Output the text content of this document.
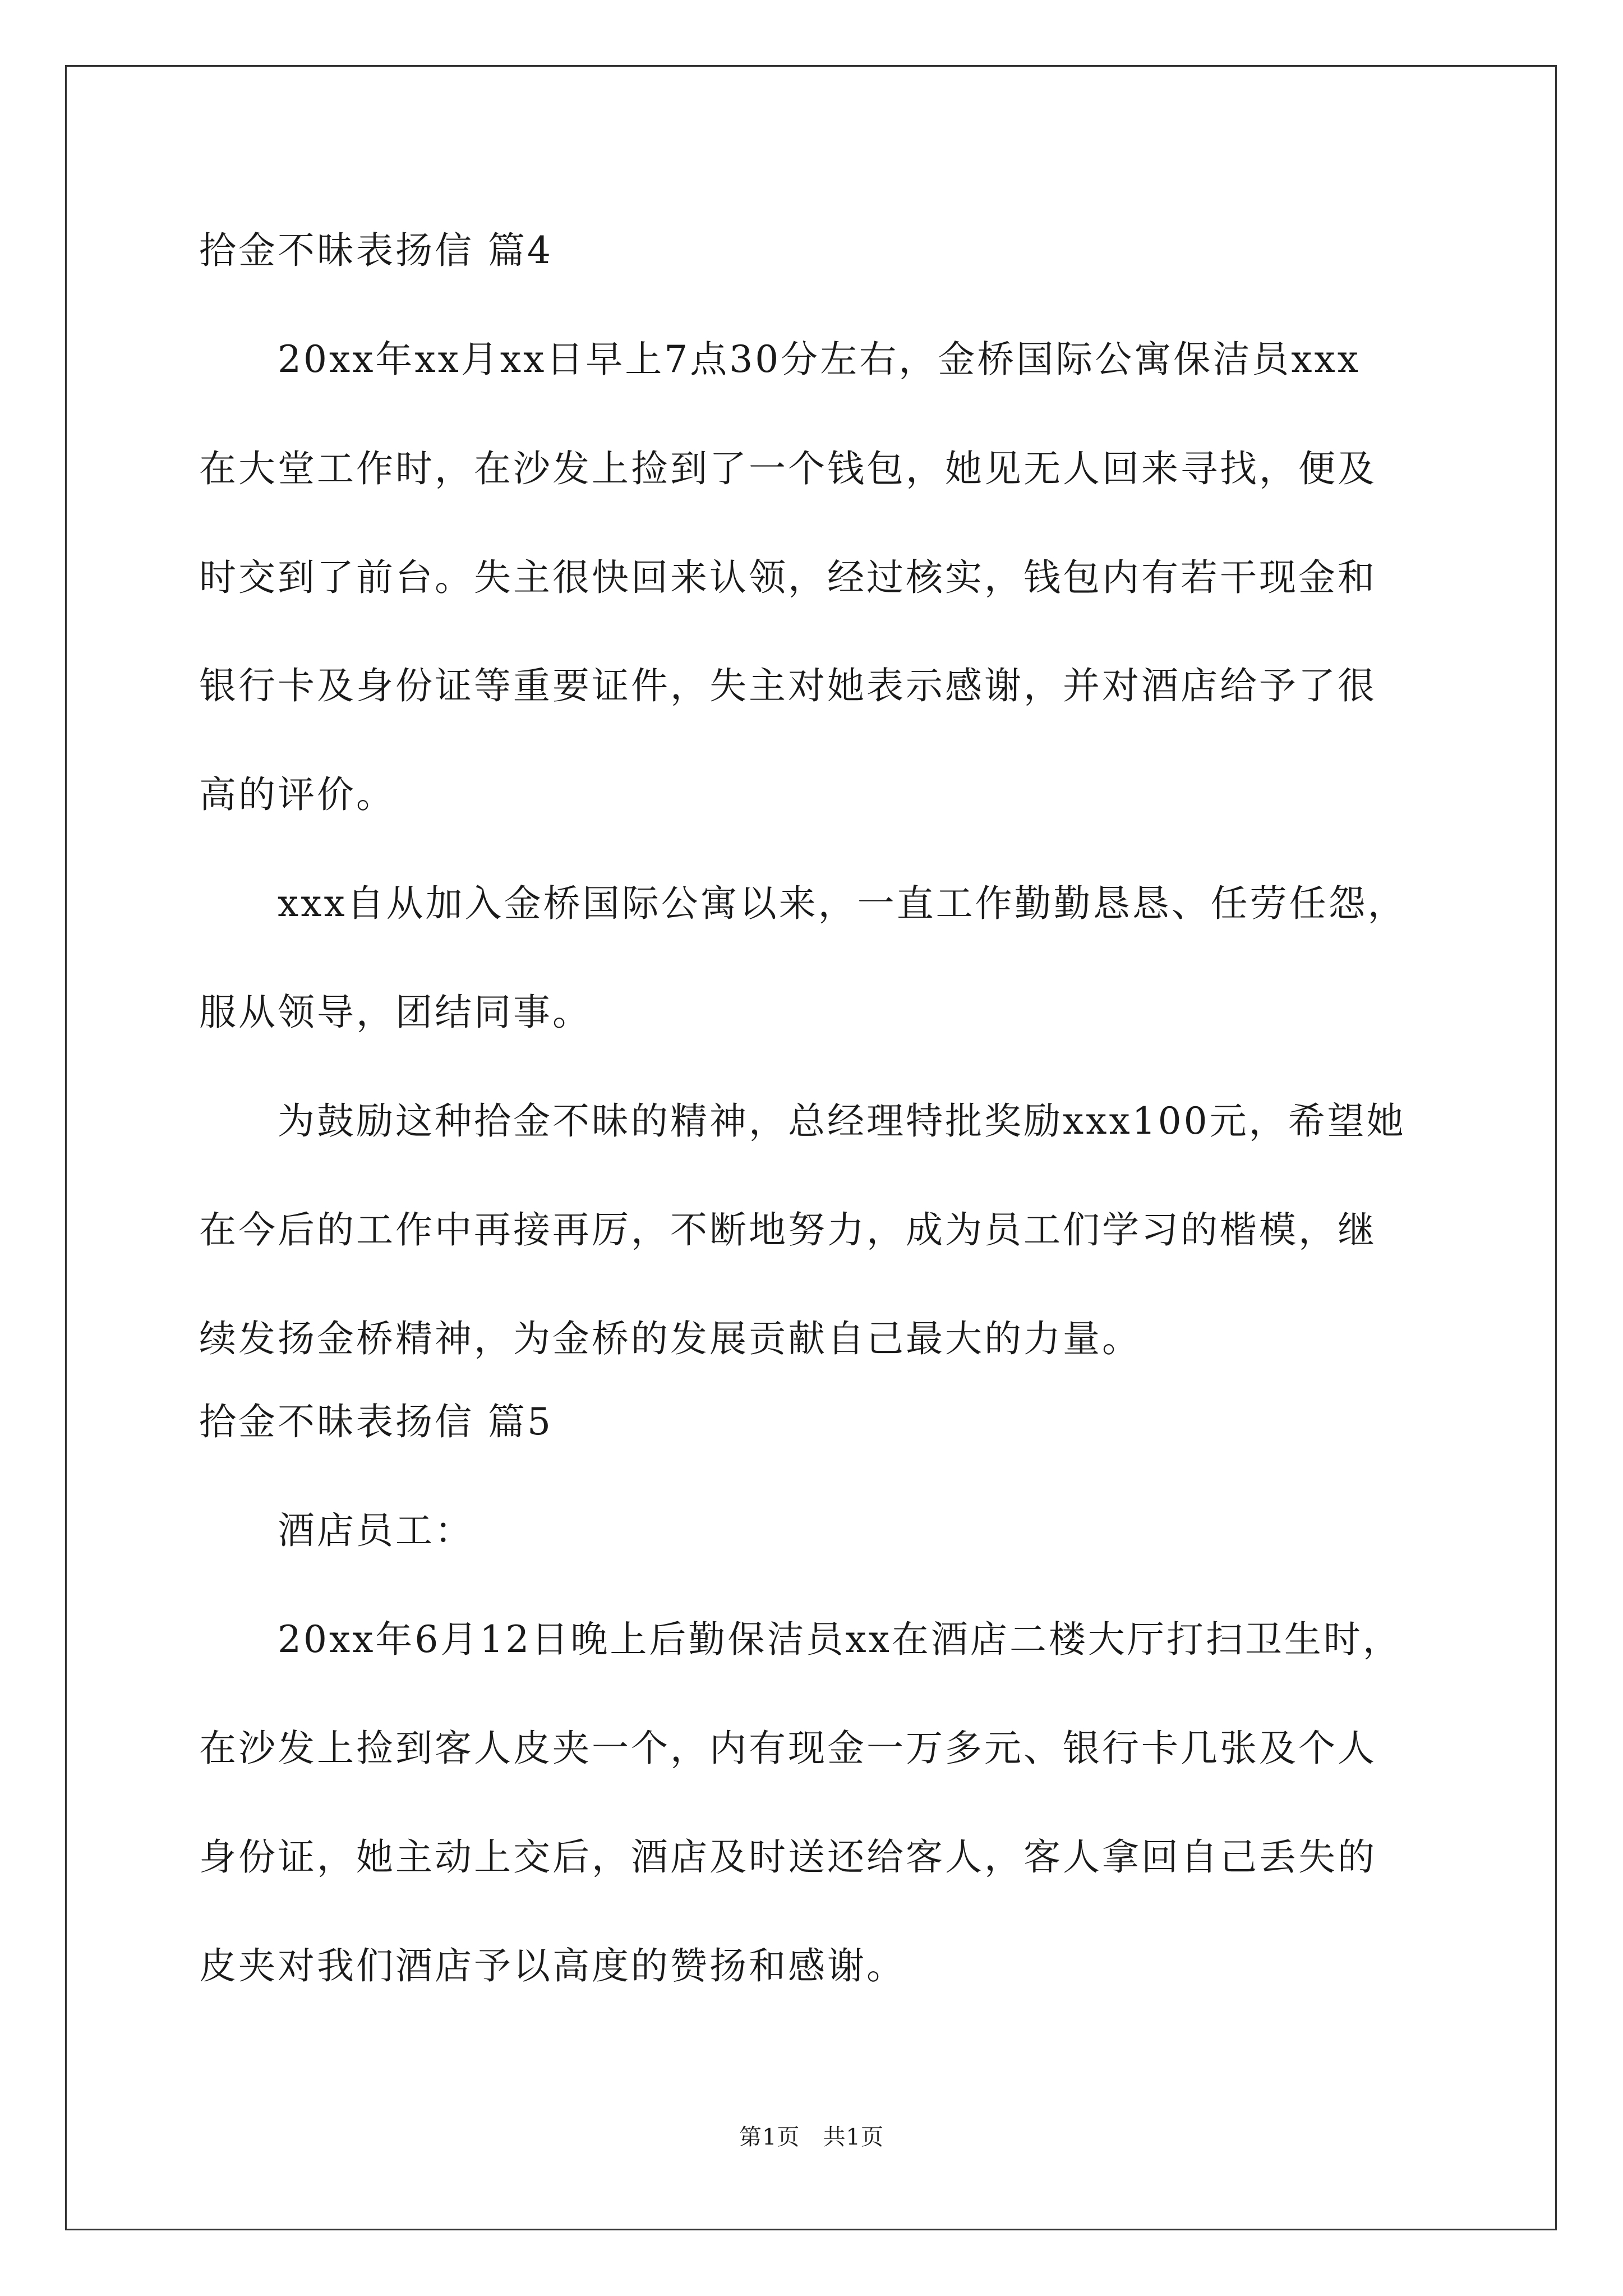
拾金不昧表扬信 篇4
　　20xx年xx月xx日早上7点30分左右，金桥国际公寓保洁员xxx
在大堂工作时，在沙发上捡到了一个钱包，她见无人回来寻找，便及
时交到了前台。失主很快回来认领，经过核实，钱包内有若干现金和
银行卡及身份证等重要证件，失主对她表示感谢，并对酒店给予了很
高的评价。
　　xxx自从加入金桥国际公寓以来，一直工作勤勤恳恳、任劳任怨，
服从领导，团结同事。
　　为鼓励这种拾金不昧的精神，总经理特批奖励xxx100元，希望她
在今后的工作中再接再厉，不断地努力，成为员工们学习的楷模，继
续发扬金桥精神，为金桥的发展贡献自己最大的力量。
拾金不昧表扬信 篇5
　　酒店员工：
　　20xx年6月12日晚上后勤保洁员xx在酒店二楼大厅打扫卫生时，
在沙发上捡到客人皮夹一个，内有现金一万多元、银行卡几张及个人
身份证，她主动上交后，酒店及时送还给客人，客人拿回自己丢失的
皮夹对我们酒店予以高度的赞扬和感谢。
第1页   共1页
